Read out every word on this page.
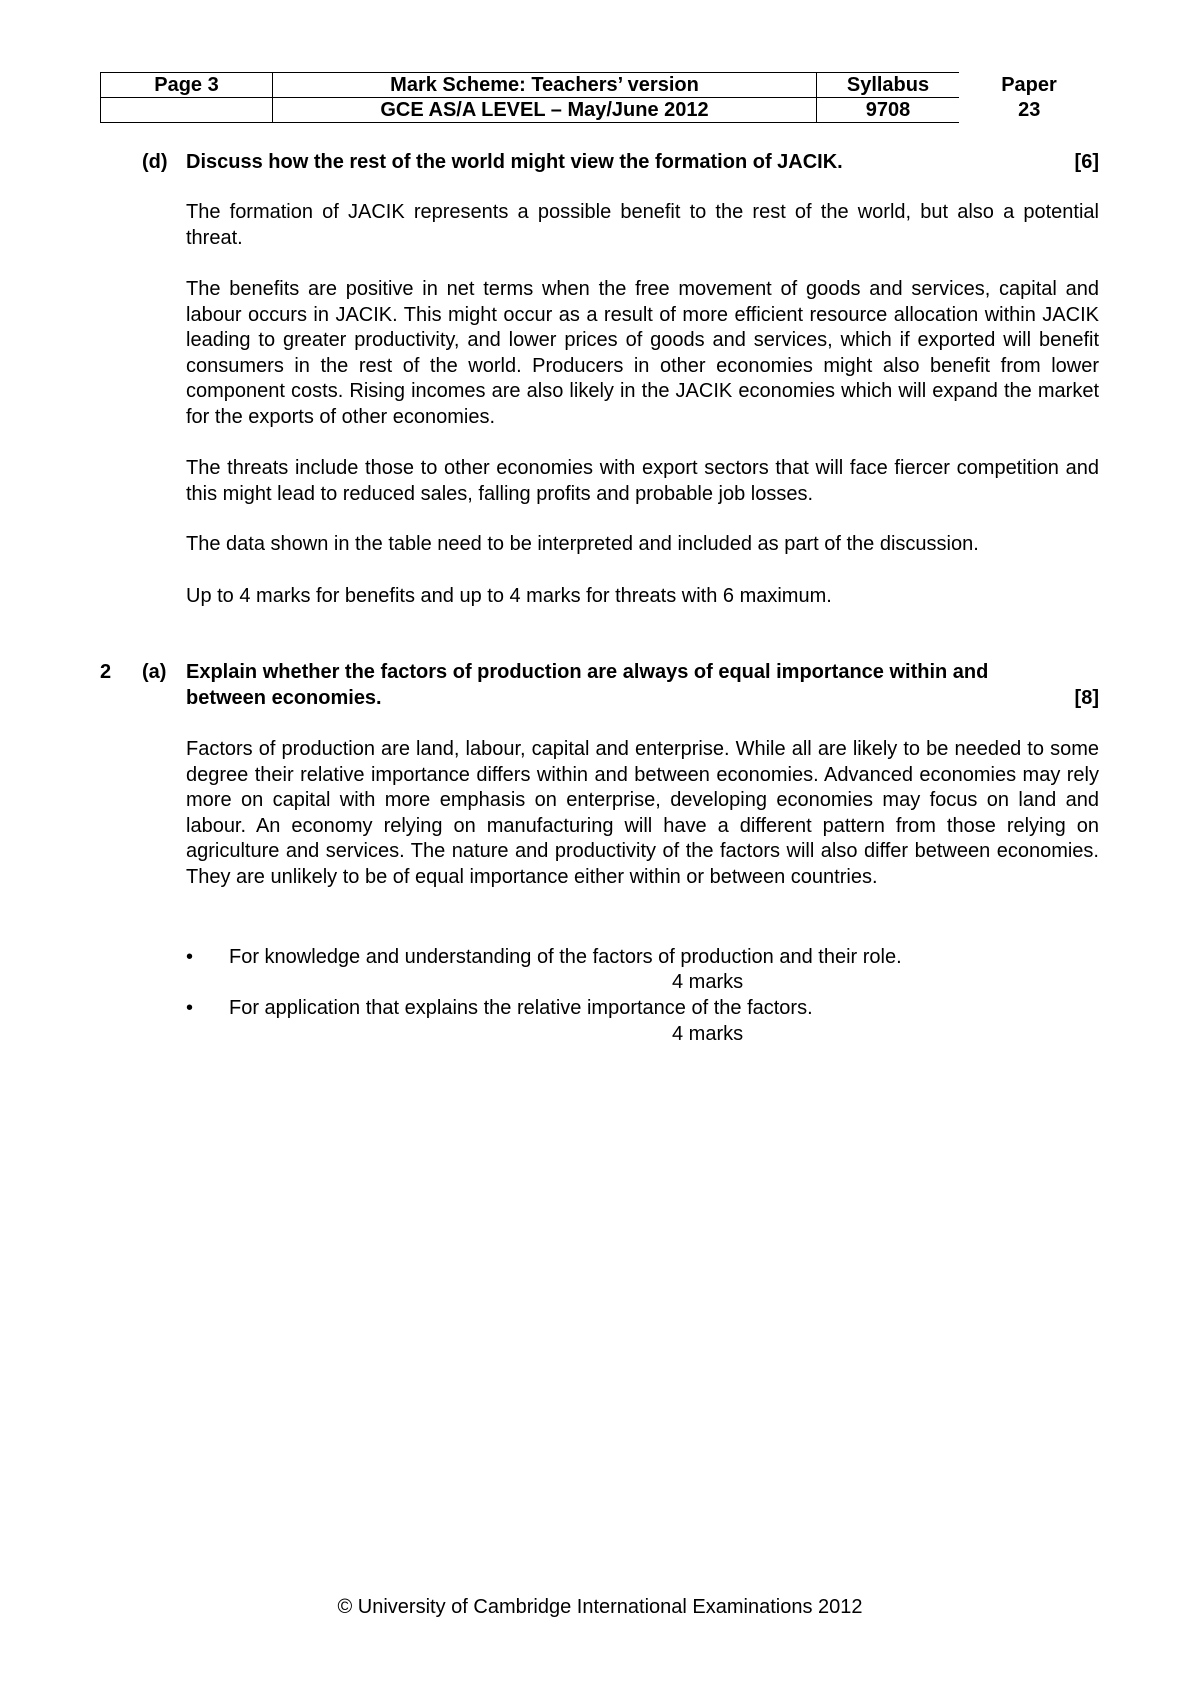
Page 3	Mark Scheme: Teachers’ version	Syllabus	Paper
	GCE AS/A LEVEL – May/June 2012	9708	23
(d) Discuss how the rest of the world might view the formation of JACIK.	[6]

The formation of JACIK represents a possible benefit to the rest of the world, but also a potential threat.

The benefits are positive in net terms when the free movement of goods and services, capital and labour occurs in JACIK. This might occur as a result of more efficient resource allocation within JACIK leading to greater productivity, and lower prices of goods and services, which if exported will benefit consumers in the rest of the world. Producers in other economies might also benefit from lower component costs. Rising incomes are also likely in the JACIK economies which will expand the market for the exports of other economies.

The threats include those to other economies with export sectors that will face fiercer competition and this might lead to reduced sales, falling profits and probable job losses.

The data shown in the table need to be interpreted and included as part of the discussion.

Up to 4 marks for benefits and up to 4 marks for threats with 6 maximum.

2 (a) Explain whether the factors of production are always of equal importance within and
between economies.	[8]

Factors of production are land, labour, capital and enterprise. While all are likely to be needed to some degree their relative importance differs within and between economies. Advanced economies may rely more on capital with more emphasis on enterprise, developing economies may focus on land and labour. An economy relying on manufacturing will have a different pattern from those relying on agriculture and services. The nature and productivity of the factors will also differ between economies. They are unlikely to be of equal importance either within or between countries.

• For knowledge and understanding of the factors of production and their role.
4 marks
• For application that explains the relative importance of the factors.
4 marks
© University of Cambridge International Examinations 2012
